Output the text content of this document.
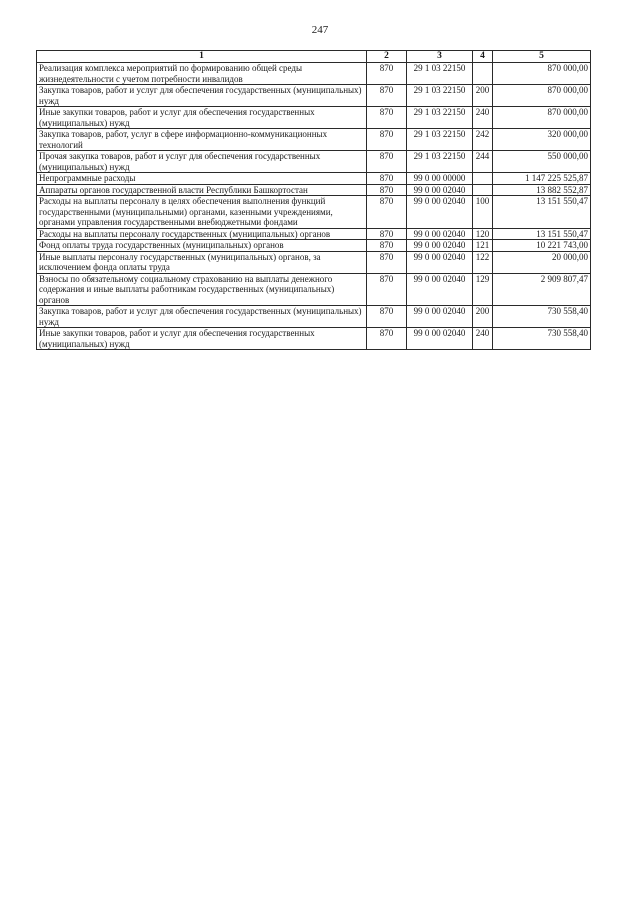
247
1	2	3	4	5
Реализация комплекса мероприятий по формированию общей среды жизнедеятельности с учетом потребности инвалидов	870	29 1 03 22150		870 000,00
Закупка товаров, работ и услуг для обеспечения государственных (муниципальных) нужд	870	29 1 03 22150	200	870 000,00
Иные закупки товаров, работ и услуг для обеспечения государственных (муниципальных) нужд	870	29 1 03 22150	240	870 000,00
Закупка товаров, работ, услуг в сфере информационно-коммуникационных технологий	870	29 1 03 22150	242	320 000,00
Прочая закупка товаров, работ и услуг для обеспечения государственных (муниципальных) нужд	870	29 1 03 22150	244	550 000,00
Непрограммные расходы	870	99 0 00 00000		1 147 225 525,87
Аппараты органов государственной власти Республики Башкортостан	870	99 0 00 02040		13 882 552,87
Расходы на выплаты персоналу в целях обеспечения выполнения функций государственными (муниципальными) органами, казенными учреждениями, органами управления государственными внебюджетными фондами	870	99 0 00 02040	100	13 151 550,47
Расходы на выплаты персоналу государственных (муниципальных) органов	870	99 0 00 02040	120	13 151 550,47
Фонд оплаты труда государственных (муниципальных) органов	870	99 0 00 02040	121	10 221 743,00
Иные выплаты персоналу государственных (муниципальных) органов, за исключением фонда оплаты труда	870	99 0 00 02040	122	20 000,00
Взносы по обязательному социальному страхованию на выплаты денежного содержания и иные выплаты работникам государственных (муниципальных) органов	870	99 0 00 02040	129	2 909 807,47
Закупка товаров, работ и услуг для обеспечения государственных (муниципальных) нужд	870	99 0 00 02040	200	730 558,40
Иные закупки товаров, работ и услуг для обеспечения государственных (муниципальных) нужд	870	99 0 00 02040	240	730 558,40
